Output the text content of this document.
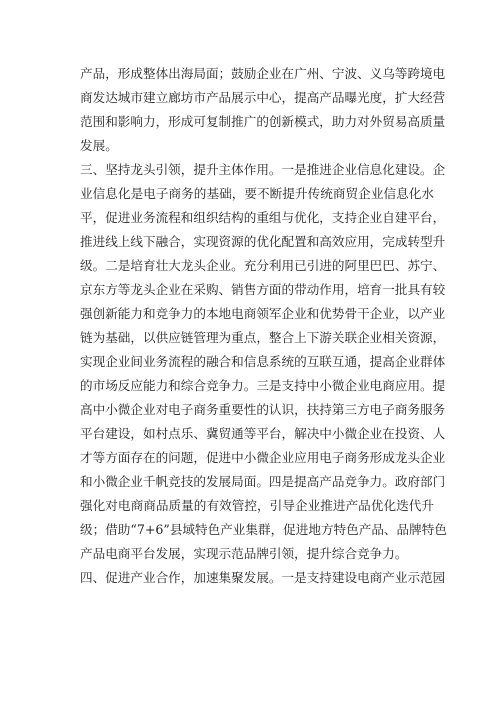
产品，形成整体出海局面；鼓励企业在广州、宁波、义乌等跨境电
商发达城市建立廊坊市产品展示中心，提高产品曝光度，扩大经营
范围和影响力，形成可复制推广的创新模式，助力对外贸易高质量
发展。
三、坚持龙头引领，提升主体作用。一是推进企业信息化建设。企
业信息化是电子商务的基础，要不断提升传统商贸企业信息化水
平，促进业务流程和组织结构的重组与优化，支持企业自建平台，
推进线上线下融合，实现资源的优化配置和高效应用，完成转型升
级。二是培育壮大龙头企业。充分利用已引进的阿里巴巴、苏宁、
京东方等龙头企业在采购、销售方面的带动作用，培育一批具有较
强创新能力和竞争力的本地电商领军企业和优势骨干企业，以产业
链为基础，以供应链管理为重点，整合上下游关联企业相关资源，
实现企业间业务流程的融合和信息系统的互联互通，提高企业群体
的市场反应能力和综合竞争力。三是支持中小微企业电商应用。提
高中小微企业对电子商务重要性的认识，扶持第三方电子商务服务
平台建设，如村点乐、冀贸通等平台，解决中小微企业在投资、人
才等方面存在的问题，促进中小微企业应用电子商务形成龙头企业
和小微企业千帆竞技的发展局面。四是提高产品竞争力。政府部门
强化对电商商品质量的有效管控，引导企业推进产品优化迭代升
级；借助“7+6”县域特色产业集群，促进地方特色产品、品牌特色
产品电商平台发展，实现示范品牌引领，提升综合竞争力。
四、促进产业合作，加速集聚发展。一是支持建设电商产业示范园
